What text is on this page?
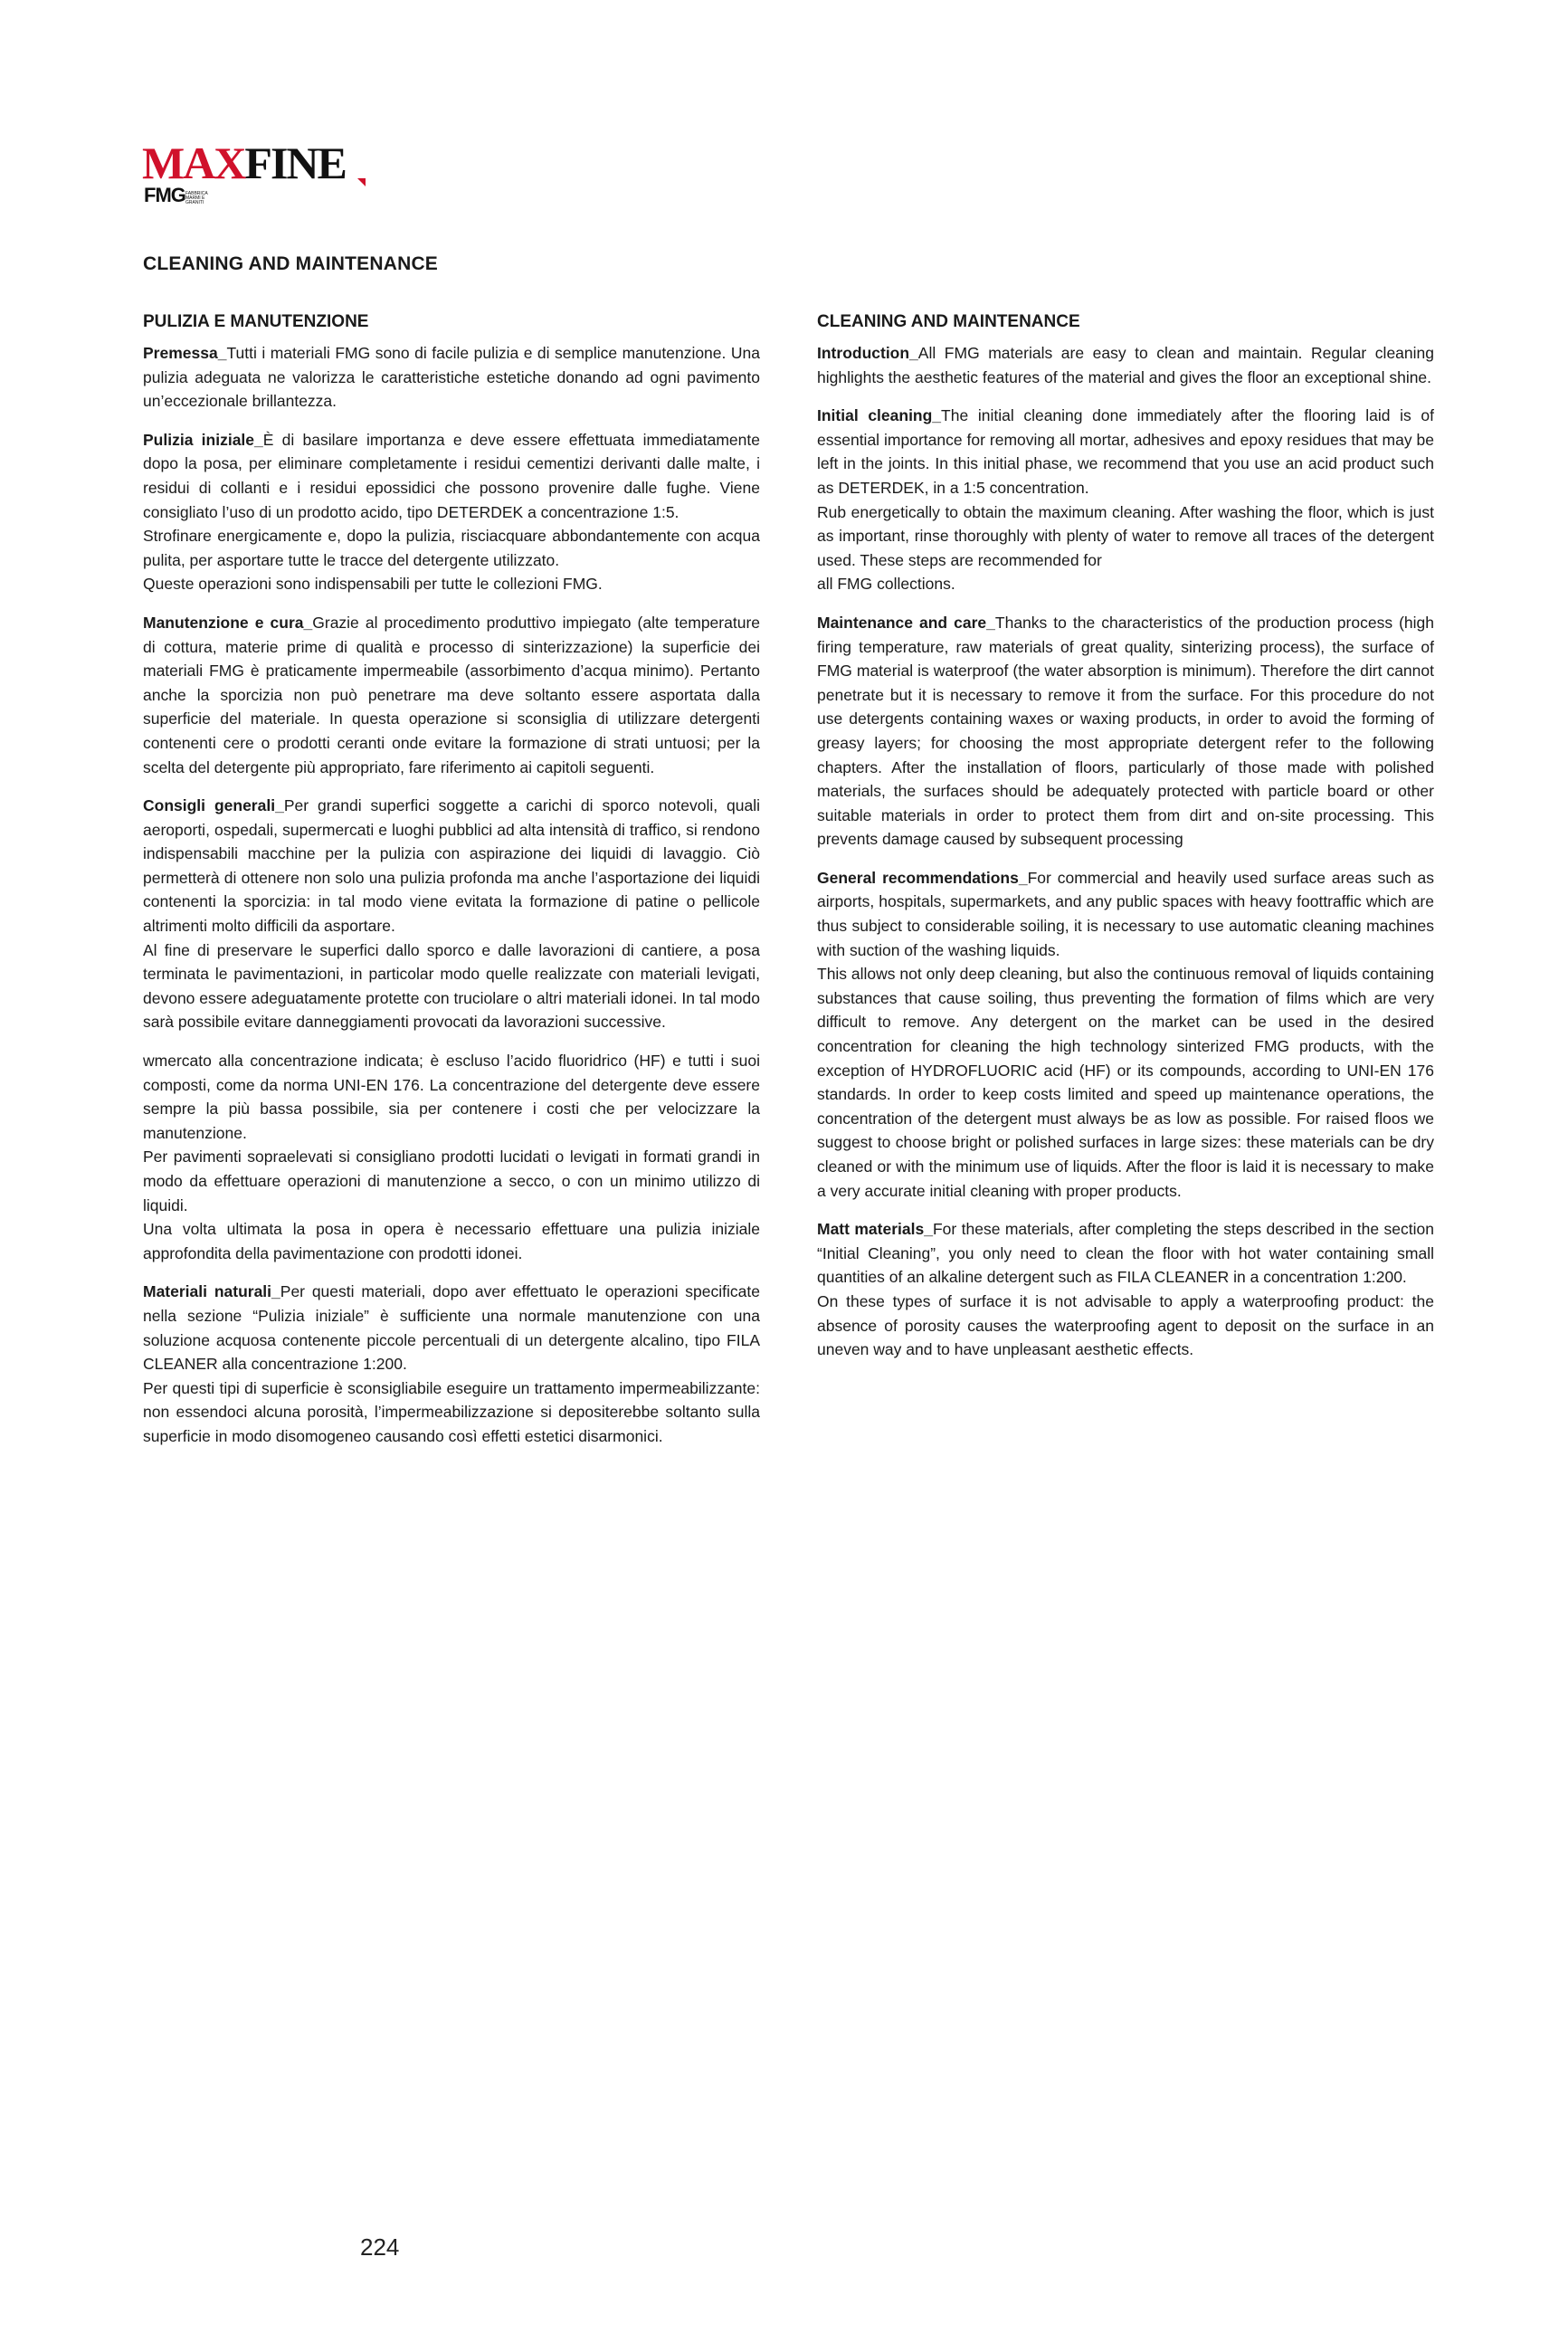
MAXFINE
FMG FABBRICA MARMI E GRANITI
CLEANING AND MAINTENANCE
PULIZIA E MANUTENZIONE

Premessa_Tutti i materiali FMG sono di facile pulizia e di semplice manutenzione. Una pulizia adeguata ne valorizza le caratteristiche estetiche donando ad ogni pavimento un’eccezionale brillantezza.

Pulizia iniziale_È di basilare importanza e deve essere effettuata immediatamente dopo la posa, per eliminare completamente i residui cementizi derivanti dalle malte, i residui di collanti e i residui epossidici che possono provenire dalle fughe. Viene consigliato l’uso di un prodotto acido, tipo DETERDEK a concentrazione 1:5.
Strofinare energicamente e, dopo la pulizia, risciacquare abbondantemente con acqua pulita, per asportare tutte le tracce del detergente utilizzato.
Queste operazioni sono indispensabili per tutte le collezioni FMG.

Manutenzione e cura_Grazie al procedimento produttivo impiegato (alte temperature di cottura, materie prime di qualità e processo di sinterizzazione) la superficie dei materiali FMG è praticamente impermeabile (assorbimento d’acqua minimo). Pertanto anche la sporcizia non può penetrare ma deve soltanto essere asportata dalla superficie del materiale. In questa operazione si sconsiglia di utilizzare detergenti contenenti cere o prodotti ceranti onde evitare la formazione di strati untuosi; per la scelta del detergente più appropriato, fare riferimento ai capitoli seguenti.

Consigli generali_Per grandi superfici soggette a carichi di sporco notevoli, quali aeroporti, ospedali, supermercati e luoghi pubblici ad alta intensità di traffico, si rendono indispensabili macchine per la pulizia con aspirazione dei liquidi di lavaggio. Ciò permetterà di ottenere non solo una pulizia profonda ma anche l’asportazione dei liquidi contenenti la sporcizia: in tal modo viene evitata la formazione di patine o pellicole altrimenti molto difficili da asportare.
Al fine di preservare le superfici dallo sporco e dalle lavorazioni di cantiere, a posa terminata le pavimentazioni, in particolar modo quelle realizzate con materiali levigati, devono essere adeguatamente protette con truciolare o altri materiali idonei. In tal modo sarà possibile evitare danneggiamenti provocati da lavorazioni successive.

wmercato alla concentrazione indicata; è escluso l’acido fluoridrico (HF) e tutti i suoi composti, come da norma UNI-EN 176. La concentrazione del detergente deve essere sempre la più bassa possibile, sia per contenere i costi che per velocizzare la manutenzione.
Per pavimenti sopraelevati si consigliano prodotti lucidati o levigati in formati grandi in modo da effettuare operazioni di manutenzione a secco, o con un minimo utilizzo di liquidi.
Una volta ultimata la posa in opera è necessario effettuare una pulizia iniziale approfondita della pavimentazione con prodotti idonei.

Materiali naturali_Per questi materiali, dopo aver effettuato le operazioni specificate nella sezione “Pulizia iniziale” è sufficiente una normale manutenzione con una soluzione acquosa contenente piccole percentuali di un detergente alcalino, tipo FILA CLEANER alla concentrazione 1:200.
Per questi tipi di superficie è sconsigliabile eseguire un trattamento impermeabilizzante: non essendoci alcuna porosità, l’impermeabilizzazione si depositerebbe soltanto sulla superficie in modo disomogeneo causando così effetti estetici disarmonici.

CLEANING AND MAINTENANCE

Introduction_All FMG materials are easy to clean and maintain. Regular cleaning highlights the aesthetic features of the material and gives the floor an exceptional shine.

Initial cleaning_The initial cleaning done immediately after the flooring laid is of essential importance for removing all mortar, adhesives and epoxy residues that may be left in the joints. In this initial phase, we recommend that you use an acid product such as DETERDEK, in a 1:5 concentration.
Rub energetically to obtain the maximum cleaning. After washing the floor, which is just as important, rinse thoroughly with plenty of water to remove all traces of the detergent used. These steps are recommended for
all FMG collections.

Maintenance and care_Thanks to the characteristics of the production process (high firing temperature, raw materials of great quality, sinterizing process), the surface of FMG material is waterproof (the water absorption is minimum). Therefore the dirt cannot penetrate but it is necessary to remove it from the surface. For this procedure do not use detergents containing waxes or waxing products, in order to avoid the forming of greasy layers; for choosing the most appropriate detergent refer to the following chapters. After the installation of floors, particularly of those made with polished materials, the surfaces should be adequately protected with particle board or other suitable materials in order to protect them from dirt and on-site processing. This prevents damage caused by subsequent processing

General recommendations_For commercial and heavily used surface areas such as airports, hospitals, supermarkets, and any public spaces with heavy foottraffic which are thus subject to considerable soiling, it is necessary to use automatic cleaning machines with suction of the washing liquids.
This allows not only deep cleaning, but also the continuous removal of liquids containing substances that cause soiling, thus preventing the formation of films which are very difficult to remove. Any detergent on the market can be used in the desired concentration for cleaning the high technology sinterized FMG products, with the exception of HYDROFLUORIC acid (HF) or its compounds, according to UNI-EN 176 standards. In order to keep costs limited and speed up maintenance operations, the concentration of the detergent must always be as low as possible. For raised floos we suggest to choose bright or polished surfaces in large sizes: these materials can be dry cleaned or with the minimum use of liquids. After the floor is laid it is necessary to make a very accurate initial cleaning with proper products.

Matt materials_For these materials, after completing the steps described in the section “Initial Cleaning”, you only need to clean the floor with hot water containing small quantities of an alkaline detergent such as FILA CLEANER in a concentration 1:200.
On these types of surface it is not advisable to apply a waterproofing product: the absence of porosity causes the waterproofing agent to deposit on the surface in an uneven way and to have unpleasant aesthetic effects.

224
